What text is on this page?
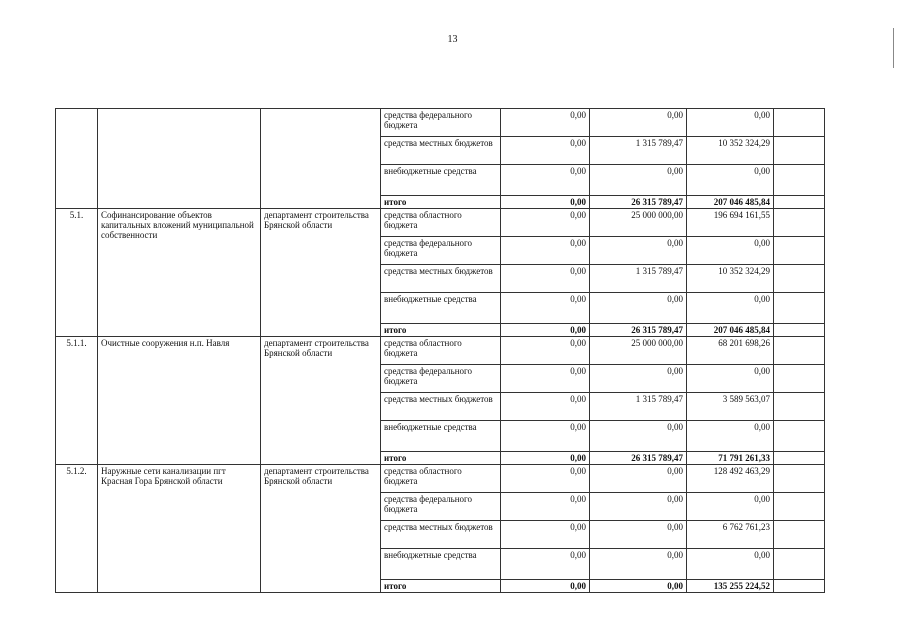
13
			средства федерального бюджета	0,00	0,00	0,00	
			средства местных бюджетов	0,00	1 315 789,47	10 352 324,29	
			внебюджетные средства	0,00	0,00	0,00	
			итого	0,00	26 315 789,47	207 046 485,84	
5.1.	Софинансирование объектов капитальных вложений муниципальной собственности	департамент строительства Брянской области	средства областного бюджета	0,00	25 000 000,00	196 694 161,55	
			средства федерального бюджета	0,00	0,00	0,00	
			средства местных бюджетов	0,00	1 315 789,47	10 352 324,29	
			внебюджетные средства	0,00	0,00	0,00	
			итого	0,00	26 315 789,47	207 046 485,84	
5.1.1.	Очистные сооружения н.п. Навля	департамент строительства Брянской области	средства областного бюджета	0,00	25 000 000,00	68 201 698,26	
			средства федерального бюджета	0,00	0,00	0,00	
			средства местных бюджетов	0,00	1 315 789,47	3 589 563,07	
			внебюджетные средства	0,00	0,00	0,00	
			итого	0,00	26 315 789,47	71 791 261,33	
5.1.2.	Наружные сети канализации пгт Красная Гора Брянской области	департамент строительства Брянской области	средства областного бюджета	0,00	0,00	128 492 463,29	
			средства федерального бюджета	0,00	0,00	0,00	
			средства местных бюджетов	0,00	0,00	6 762 761,23	
			внебюджетные средства	0,00	0,00	0,00	
			итого	0,00	0,00	135 255 224,52	
